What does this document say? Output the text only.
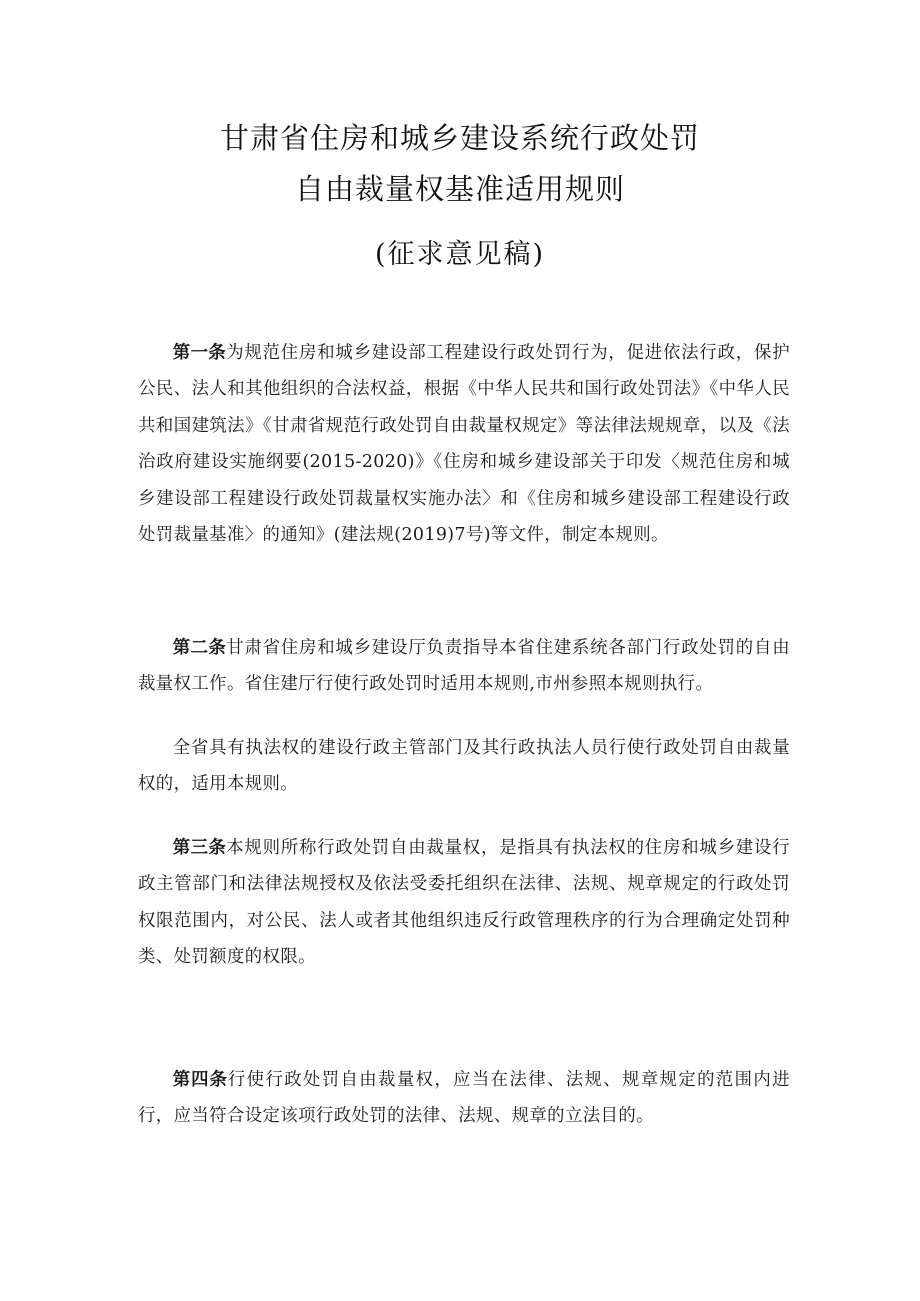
甘肃省住房和城乡建设系统行政处罚
自由裁量权基准适用规则
(征求意见稿)
第一条为规范住房和城乡建设部工程建设行政处罚行为，促进依法行政，保护公民、法人和其他组织的合法权益，根据《中华人民共和国行政处罚法》《中华人民共和国建筑法》《甘肃省规范行政处罚自由裁量权规定》等法律法规规章，以及《法治政府建设实施纲要(2015-2020)》《住房和城乡建设部关于印发〈规范住房和城乡建设部工程建设行政处罚裁量权实施办法〉和《住房和城乡建设部工程建设行政处罚裁量基准〉的通知》(建法规(2019)7号)等文件，制定本规则。
第二条甘肃省住房和城乡建设厅负责指导本省住建系统各部门行政处罚的自由裁量权工作。省住建厅行使行政处罚时适用本规则,市州参照本规则执行。
全省具有执法权的建设行政主管部门及其行政执法人员行使行政处罚自由裁量权的，适用本规则。
第三条本规则所称行政处罚自由裁量权，是指具有执法权的住房和城乡建设行政主管部门和法律法规授权及依法受委托组织在法律、法规、规章规定的行政处罚权限范围内，对公民、法人或者其他组织违反行政管理秩序的行为合理确定处罚种类、处罚额度的权限。
第四条行使行政处罚自由裁量权，应当在法律、法规、规章规定的范围内进行，应当符合设定该项行政处罚的法律、法规、规章的立法目的。
